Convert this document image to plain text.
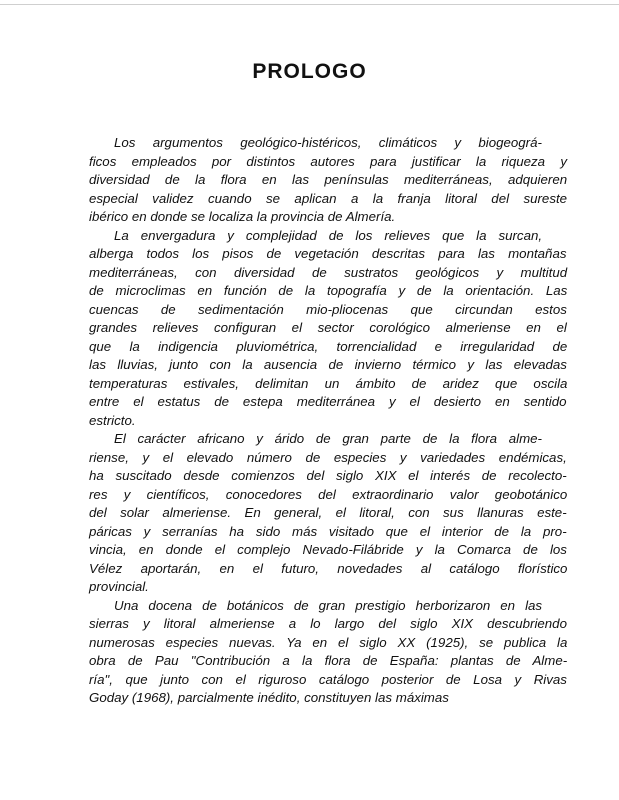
PROLOGO

Los argumentos geológico-histéricos, climáticos y biogeográ-
ficos empleados por distintos autores para justificar la riqueza y
diversidad de la flora en las penínsulas mediterráneas, adquieren
especial validez cuando se aplican a la franja litoral del sureste
ibérico en donde se localiza la provincia de Almería.

La envergadura y complejidad de los relieves que la surcan,
alberga todos los pisos de vegetación descritas para las montañas
mediterráneas, con diversidad de sustratos geológicos y multitud
de microclimas en función de la topografía y de la orientación. Las
cuencas de sedimentación mio-pliocenas que circundan estos
grandes relieves configuran el sector corológico almeriense en el
que la indigencia pluviométrica, torrencialidad e irregularidad de
las lluvias, junto con la ausencia de invierno térmico y las elevadas
temperaturas estivales, delimitan un ámbito de aridez que oscila
entre el estatus de estepa mediterránea y el desierto en sentido
estricto.

El carácter africano y árido de gran parte de la flora alme-
riense, y el elevado número de especies y variedades endémicas,
ha suscitado desde comienzos del siglo XIX el interés de recolecto-
res y científicos, conocedores del extraordinario valor geobotánico
del solar almeriense. En general, el litoral, con sus llanuras este-
páricas y serranías ha sido más visitado que el interior de la pro-
vincia, en donde el complejo Nevado-Filábride y la Comarca de los
Vélez aportarán, en el futuro, novedades al catálogo florístico
provincial.

Una docena de botánicos de gran prestigio herborizaron en las
sierras y litoral almeriense a lo largo del siglo XIX descubriendo
numerosas especies nuevas. Ya en el siglo XX (1925), se publica la
obra de Pau "Contribución a la flora de España: plantas de Alme-
ría", que junto con el riguroso catálogo posterior de Losa y Rivas
Goday (1968), parcialmente inédito, constituyen las máximas
